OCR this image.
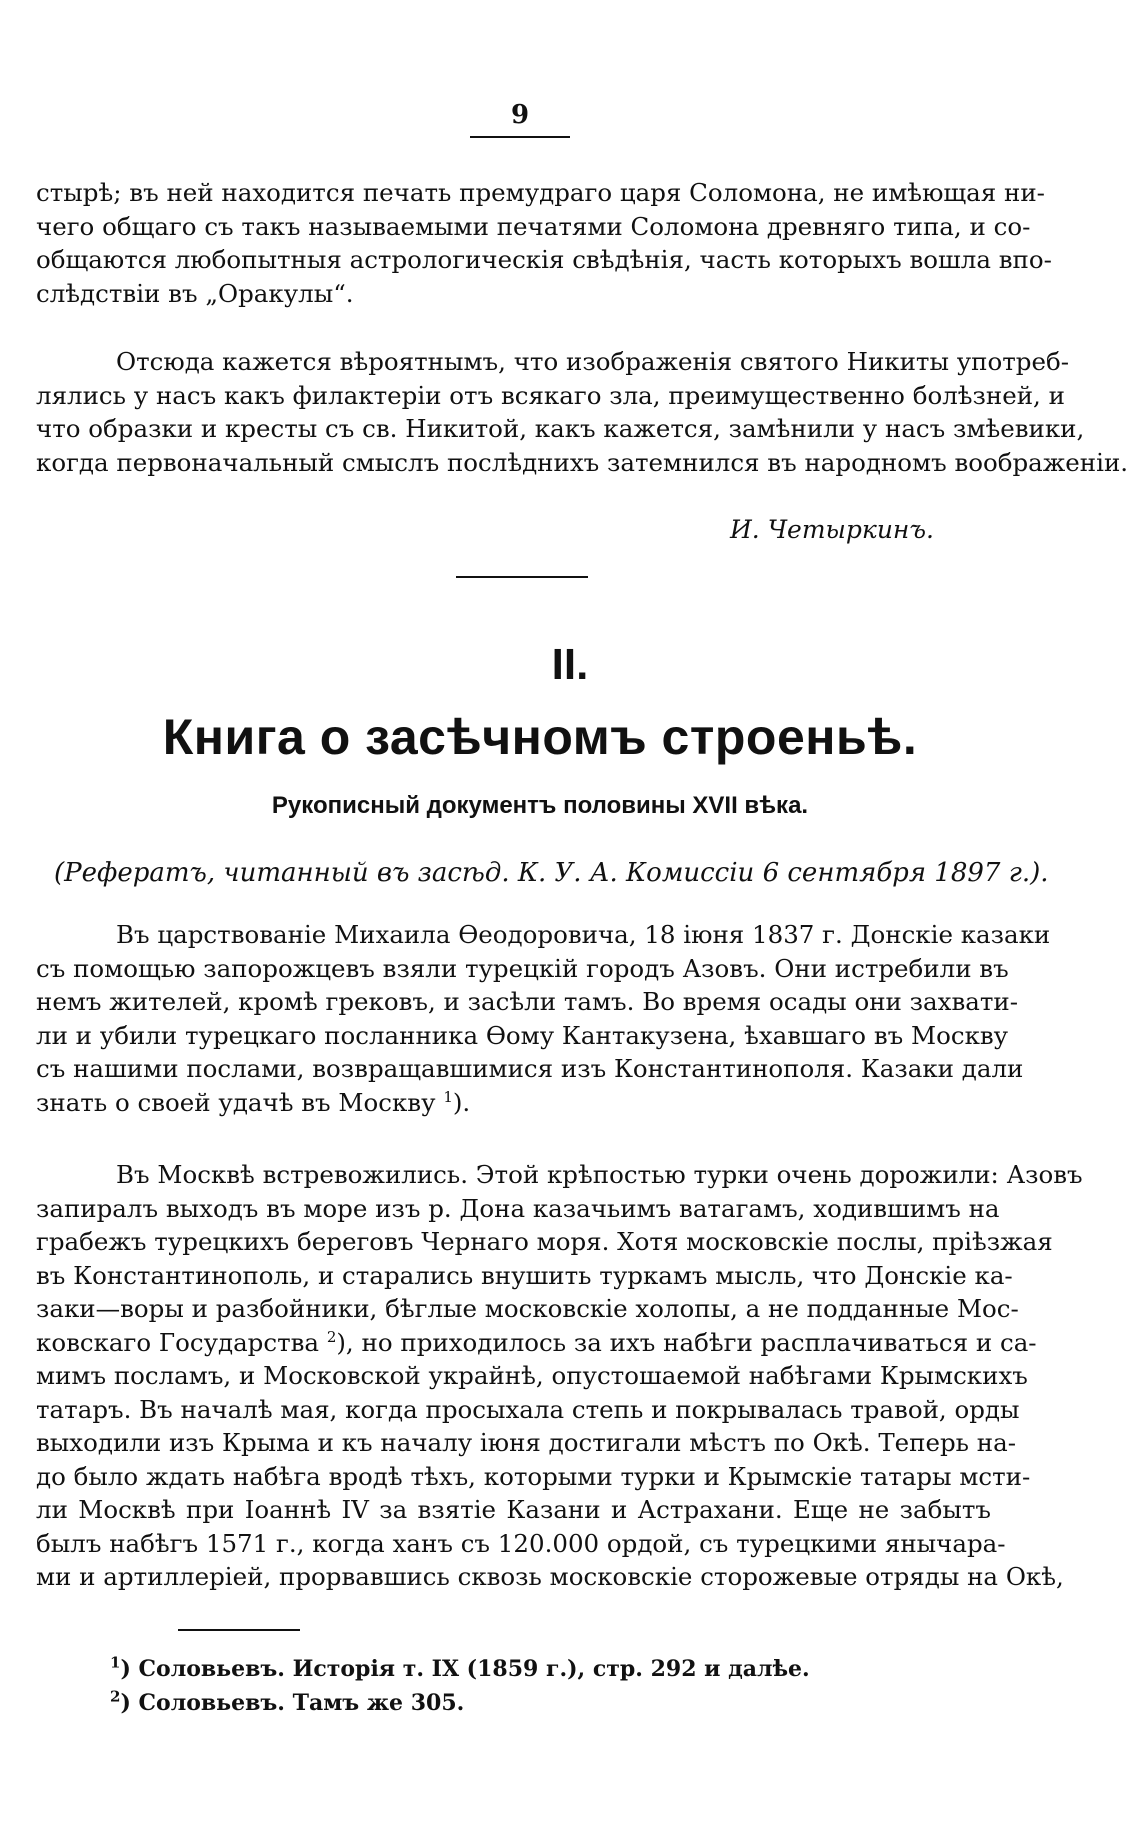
9

стырѣ; въ ней находится печать премудраго царя Соломона, не имѣющая ни-
чего общаго съ такъ называемыми печатями Соломона древняго типа, и со-
общаются любопытныя астрологическія свѣдѣнія, часть которыхъ вошла впо-
слѣдствіи въ „Оракулы“.

Отсюда кажется вѣроятнымъ, что изображенія святого Никиты употреб-
лялись у насъ какъ филактеріи отъ всякаго зла, преимущественно болѣзней, и
что образки и кресты съ св. Никитой, какъ кажется, замѣнили у насъ змѣевики,
когда первоначальный смыслъ послѣднихъ затемнился въ народномъ воображеніи.

И. Четыркинъ.

II.
Книга о засѣчномъ строеньѣ.

Рукописный документъ половины XVII вѣка.

(Рефератъ, читанный въ засѣд. К. У. А. Комиссіи 6 сентября 1897 г.).

Въ царствованіе Михаила Ѳеодоровича, 18 іюня 1837 г. Донскіе казаки
съ помощью запорожцевъ взяли турецкій городъ Азовъ. Они истребили въ
немъ жителей, кромѣ грековъ, и засѣли тамъ. Во время осады они захвати-
ли и убили турецкаго посланника Ѳому Кантакузена, ѣхавшаго въ Москву
съ нашими послами, возвращавшимися изъ Константинополя. Казаки дали
знать о своей удачѣ въ Москву $^1$).

Въ Москвѣ встревожились. Этой крѣпостью турки очень дорожили: Азовъ
запиралъ выходъ въ море изъ р. Дона казачьимъ ватагамъ, ходившимъ на
грабежъ турецкихъ береговъ Чернаго моря. Хотя московскіе послы, пріѣзжая
въ Константинополь, и старались внушить туркамъ мысль, что Донскіе ка-
заки—воры и разбойники, бѣглые московскіе холопы, а не подданные Мос-
ковскаго Государства $^2$), но приходилось за ихъ набѣги расплачиваться и са-
мимъ посламъ, и Московской украйнѣ, опустошаемой набѣгами Крымскихъ
татаръ. Въ началѣ мая, когда просыхала степь и покрывалась травой, орды
выходили изъ Крыма и къ началу іюня достигали мѣстъ по Окѣ. Теперь на-
до было ждать набѣга вродѣ тѣхъ, которыми турки и Крымскіе татары мсти-
ли Москвѣ при Іоаннѣ IV за взятіе Казани и Астрахани. Еще не забытъ
былъ набѣгъ 1571 г., когда ханъ съ 120.000 ордой, съ турецкими янычара-
ми и артиллеріей, прорвавшись сквозь московскіе сторожевые отряды на Окѣ,

$^1$) Соловьевъ. Исторія т. IX (1859 г.), стр. 292 и далѣе.
$^2$) Соловьевъ. Тамъ же 305.
